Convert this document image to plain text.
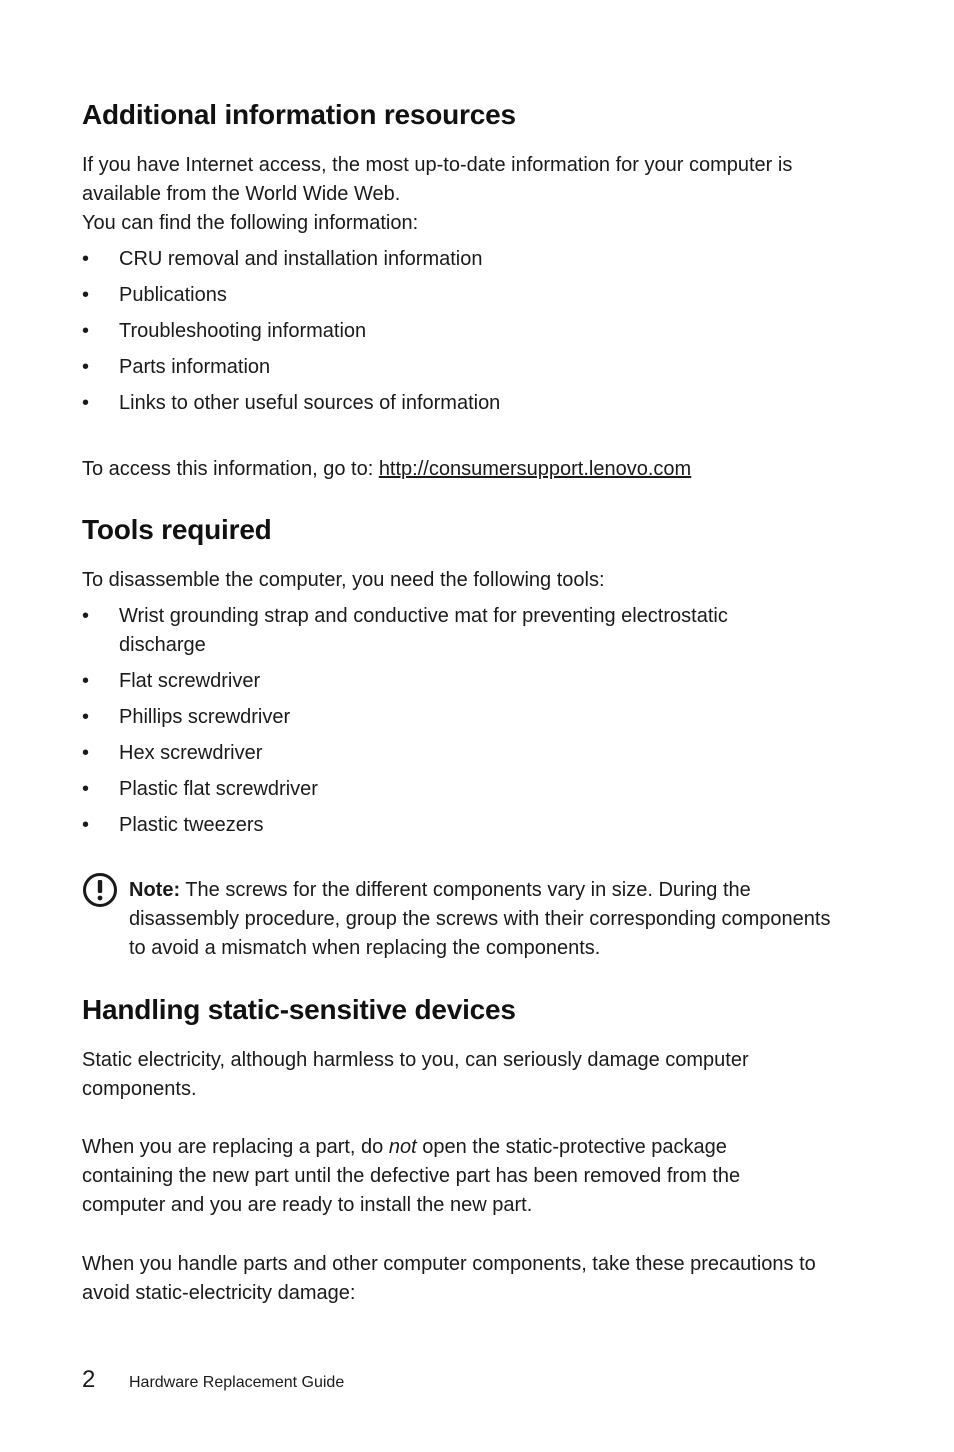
Additional information resources

If you have Internet access, the most up-to-date information for your computer is available from the World Wide Web.

You can find the following information:

• CRU removal and installation information
• Publications
• Troubleshooting information
• Parts information
• Links to other useful sources of information

To access this information, go to: http://consumersupport.lenovo.com

Tools required

To disassemble the computer, you need the following tools:

• Wrist grounding strap and conductive mat for preventing electrostatic discharge
• Flat screwdriver
• Phillips screwdriver
• Hex screwdriver
• Plastic flat screwdriver
• Plastic tweezers
Note: The screws for the different components vary in size. During the disassembly procedure, group the screws with their corresponding components to avoid a mismatch when replacing the components.
Handling static-sensitive devices

Static electricity, although harmless to you, can seriously damage computer components.

When you are replacing a part, do not open the static-protective package containing the new part until the defective part has been removed from the computer and you are ready to install the new part.

When you handle parts and other computer components, take these precautions to avoid static-electricity damage:

2	Hardware Replacement Guide
